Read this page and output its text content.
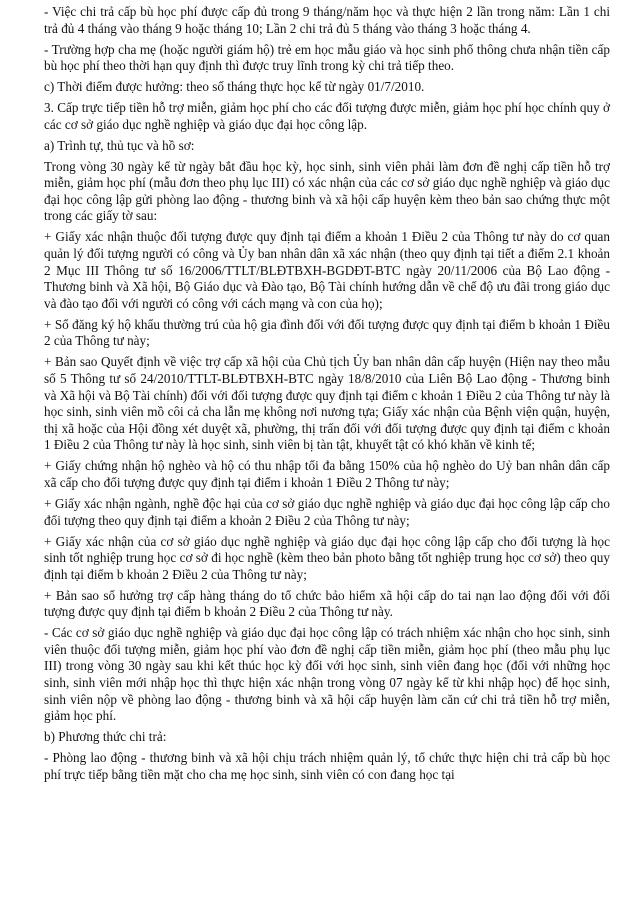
- Việc chi trả cấp bù học phí được cấp đủ trong 9 tháng/năm học và thực hiện 2 lần trong năm: Lần 1 chi trả đủ 4 tháng vào tháng 9 hoặc tháng 10; Lần 2 chi trả đủ 5 tháng vào tháng 3 hoặc tháng 4.

- Trường hợp cha mẹ (hoặc người giám hộ) trẻ em học mẫu giáo và học sinh phổ thông chưa nhận tiền cấp bù học phí theo thời hạn quy định thì được truy lĩnh trong kỳ chi trả tiếp theo.

c) Thời điểm được hưởng: theo số tháng thực học kể từ ngày 01/7/2010.

3. Cấp trực tiếp tiền hỗ trợ miễn, giảm học phí cho các đối tượng được miễn, giảm học phí học chính quy ở các cơ sở giáo dục nghề nghiệp và giáo dục đại học công lập.

a) Trình tự, thủ tục và hồ sơ:

Trong vòng 30 ngày kể từ ngày bắt đầu học kỳ, học sinh, sinh viên phải làm đơn đề nghị cấp tiền hỗ trợ miễn, giảm học phí (mẫu đơn theo phụ lục III) có xác nhận của các cơ sở giáo dục nghề nghiệp và giáo dục đại học công lập gửi phòng lao động - thương binh và xã hội cấp huyện kèm theo bản sao chứng thực một trong các giấy tờ sau:

+ Giấy xác nhận thuộc đối tượng được quy định tại điểm a khoản 1 Điều 2 của Thông tư này do cơ quan quản lý đối tượng người có công và Ủy ban nhân dân xã xác nhận (theo quy định tại tiết a điểm 2.1 khoản 2 Mục III Thông tư số 16/2006/TTLT/BLĐTBXH-BGDĐT-BTC ngày 20/11/2006 của Bộ Lao động - Thương binh và Xã hội, Bộ Giáo dục và Đào tạo, Bộ Tài chính hướng dẫn về chế độ ưu đãi trong giáo dục và đào tạo đối với người có công với cách mạng và con của họ);

+ Sổ đăng ký hộ khẩu thường trú của hộ gia đình đối với đối tượng được quy định tại điểm b khoản 1 Điều 2 của Thông tư này;

+ Bản sao Quyết định về việc trợ cấp xã hội của Chủ tịch Ủy ban nhân dân cấp huyện (Hiện nay theo mẫu số 5 Thông tư số 24/2010/TTLT-BLĐTBXH-BTC ngày 18/8/2010 của Liên Bộ Lao động - Thương binh và Xã hội và Bộ Tài chính) đối với đối tượng được quy định tại điểm c khoản 1 Điều 2 của Thông tư này là học sinh, sinh viên mồ côi cả cha lẫn mẹ không nơi nương tựa; Giấy xác nhận của Bệnh viện quận, huyện, thị xã hoặc của Hội đồng xét duyệt xã, phường, thị trấn đối với đối tượng được quy định tại điểm c khoản 1 Điều 2 của Thông tư này là học sinh, sinh viên bị tàn tật, khuyết tật có khó khăn về kinh tế;

+ Giấy chứng nhận hộ nghèo và hộ có thu nhập tối đa bằng 150% của hộ nghèo do Uỷ ban nhân dân cấp xã cấp cho đối tượng được quy định tại điểm i khoản 1 Điều 2 Thông tư này;

+ Giấy xác nhận ngành, nghề độc hại của cơ sở giáo dục nghề nghiệp và giáo dục đại học công lập cấp cho đối tượng theo quy định tại điểm a khoản 2 Điều 2 của Thông tư này;

+ Giấy xác nhận của cơ sở giáo dục nghề nghiệp và giáo dục đại học công lập cấp cho đối tượng là học sinh tốt nghiệp trung học cơ sở đi học nghề (kèm theo bản photo bằng tốt nghiệp trung học cơ sở) theo quy định tại điểm b khoản 2 Điều 2 của Thông tư này;

+ Bản sao sổ hưởng trợ cấp hàng tháng do tổ chức bảo hiểm xã hội cấp do tai nạn lao động đối với đối tượng được quy định tại điểm b khoản 2 Điều 2 của Thông tư này.

- Các cơ sở giáo dục nghề nghiệp và giáo dục đại học công lập có trách nhiệm xác nhận cho học sinh, sinh viên thuộc đối tượng miễn, giảm học phí vào đơn đề nghị cấp tiền miễn, giảm học phí (theo mẫu phụ lục III) trong vòng 30 ngày sau khi kết thúc học kỳ đối với học sinh, sinh viên đang học (đối với những học sinh, sinh viên mới nhập học thì thực hiện xác nhận trong vòng 07 ngày kể từ khi nhập học) để học sinh, sinh viên nộp về phòng lao động - thương binh và xã hội cấp huyện làm căn cứ chi trả tiền hỗ trợ miễn, giảm học phí.

b) Phương thức chi trả:

- Phòng lao động - thương binh và xã hội chịu trách nhiệm quản lý, tổ chức thực hiện chi trả cấp bù học phí trực tiếp bằng tiền mặt cho cha mẹ học sinh, sinh viên có con đang học tại
